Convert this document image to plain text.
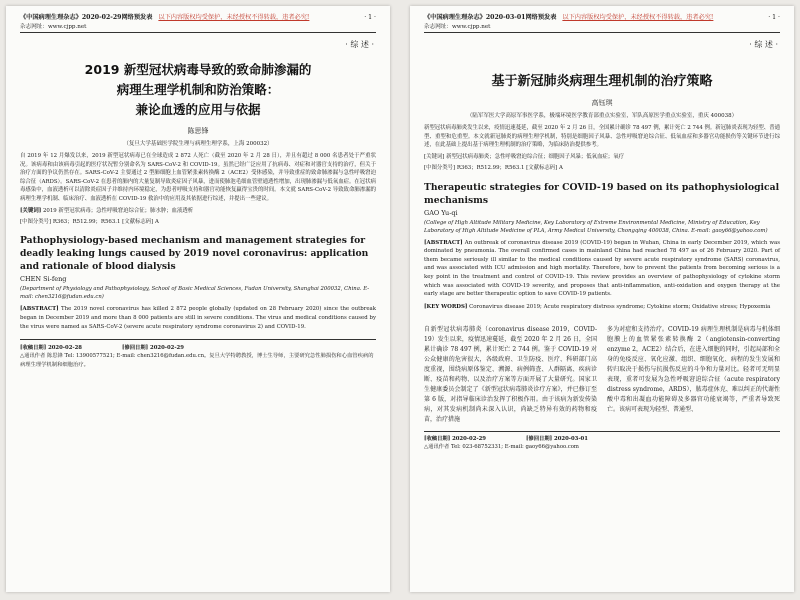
《中国病理生理杂志》2020-02-29网络预发表 以下内容版权均受保护，未经授权不得转载，违者必究!	· 1 ·
杂志网址：www.cjpp.net
· 综 述 ·
2019 新型冠状病毒导致的致命肺渗漏的
病理生理学机制和防治策略：
兼论血透的应用与依据
陈思锋
（复旦大学基础医学院生理与病理生理学系，上海 200032）
自 2019 年 12 月爆发以来，2019 新型冠状病毒已在全球造成 2 872 人死亡（截至 2020 年 2 月 28 日），并且有超过 8 000 名患者处于严重状况。该病毒和由该病毒引起的医疗状况暂分别命名为 SARS-CoV-2 和 COVID-19。虽然已经广泛应用了抗病毒、对症和对器官支持的治疗，但关于治疗方面的争议仍然存在。SARS-CoV-2 主要通过 2 型肺细胞上血管紧张素转换酶 2（ACE2）受体感染，并导致重症的致命肺渗漏与急性呼吸窘迫综合征（ARDS）。SARS-CoV-2 在患者的肺内的大量复制导致炎症因子风暴，进而使肺泡毛细血管壁通透性增加，出现肺渗漏与低氧血症。在冠状病毒感染中，血液透析可以清除炎症因子并维持内环境稳定，为患者呼吸支持和器官功能恢复赢得宝贵的时间。本文就 SARS-CoV-2 导致致命肺渗漏的病理生理学机制、临床治疗、血液透析在 COVID-19 救治中的应用及其依据进行综述，并提出一些建议。
[关键词] 2019 新型冠状病毒；急性呼吸窘迫综合征；肺水肿；血液透析
[中图分类号] R363；R512.99；R563.1 [文献标志码] A
Pathophysiology-based mechanism and management strategies for deadly leaking lungs caused by 2019 novel coronavirus: application and rationale of blood dialysis
CHEN Si-feng
(Department of Physiology and Pathophysiology, School of Basic Medical Sciences, Fudan University, Shanghai 200032, China. E-mail: chen3216@fudan.edu.cn)
[ABSTRACT] The 2019 novel coronavirus has killed 2 872 people globally (updated on 28 February 2020) since the outbreak began in December 2019 and more than 8 000 patients are still in severe conditions. The virus and medical conditions caused by the virus were named as SARS-CoV-2 (severe acute respiratory syndrome coronavirus 2) and COVID-19.
[收稿日期] 2020-02-28	[修回日期] 2020-02-29
△通讯作者 陈思锋 Tel: 13900577521; E-mail: chen3216@fudan.edu.cn。复旦大学特聘教授，博士生导师，主要研究急性肺损伤和心血管疾病的病理生理学机制和细胞治疗。
《中国病理生理杂志》2020-03-01网络预发表 以下内容版权均受保护，未经授权不得转载，违者必究!	· 1 ·
杂志网址：www.cjpp.net
· 综 述 ·
基于新冠肺炎病理生理机制的治疗策略
高钰琪
（陆军军医大学高原军事医学系，极端环境医学教育部重点实验室，军队高原医学重点实验室，重庆 400038）
新型冠状病毒肺炎发生以来，疫情迅速蔓延，截至 2020 年 2 月 26 日，全国累计确诊 78 497 例，累计死亡 2 744 例。新冠肺炎表现为轻型、普通型、重型和危重型。本文就新冠肺炎的病理生理学机制，特别是细胞因子风暴、急性呼吸窘迫综合征、低氧血症和多器官功能损伤等关键环节进行综述，在此基础上提出基于病理生理机制的治疗策略，为临床防治提供参考。
[关键词] 新型冠状病毒肺炎；急性呼吸窘迫综合征；细胞因子风暴；低氧血症；氧疗
[中图分类号] R363；R512.99；R563.1 [文献标志码] A
Therapeutic strategies for COVID-19 based on its pathophysiological mechanisms
GAO Yu-qi
(College of High Altitude Military Medicine, Key Laboratory of Extreme Environmental Medicine, Ministry of Education, Key Laboratory of High Altitude Medicine of PLA, Army Medical University, Chongqing 400038, China. E-mail: gaoy66@yahoo.com)
[ABSTRACT] An outbreak of coronavirus disease 2019 (COVID-19) began in Wuhan, China in early December 2019, which was dominated by pneumonia. The overall confirmed cases in mainland China had reached 78 497 as of 26 February 2020. Part of them became seriously ill similar to the medical conditions caused by severe acute respiratory syndrome (SARS) coronavirus, and was associated with ICU admission and high mortality. Therefore, how to prevent the patients from becoming serious is a key point in the treatment and control of COVID-19. This review provides an overview of pathophysiology of cytokine storm which was associated with COVID-19 severity, and proposes that anti-inflammation, anti-oxidation and oxygen therapy at the early stage are better therapeutic option to save COVID-19 patients.
[KEY WORDS] Coronavirus disease 2019; Acute respiratory distress syndrome; Cytokine storm; Oxidative stress; Hypoxemia
自新型冠状病毒肺炎（coronavirus disease 2019，COVID-19）发生以来，疫情迅速蔓延，截至 2020 年 2 月 26 日，全国累计确诊 78 497 例，累计死亡 2 744 例。鉴于 COVID-19 对公众健康的危害很大，各级政府、卫生防疫、医疗、科研部门高度重视，围绕病原体鉴定、溯源、病例筛查、人群隔离、疾病诊断、疫苗和药物、以及治疗方案等方面开展了大量研究。国家卫生健康委员会制定了《新型冠状病毒肺炎诊疗方案》，并已修订至第 6 版，对指导临床诊治发挥了积极作用。由于该病为新发传染病，对其发病机制尚未深入认识，尚缺乏特异有效的药物和疫苗，治疗措施
多为对症和支持治疗。COVID-19 病理生理机制是病毒与机体细胞膜上的血管紧张素转换酶 2（angiotensin-converting enzyme 2，ACE2）结合后，在进入细胞的同时，引起局部和全身的免疫反应、氧化应激、组织、细胞氧化、病程的发生发展和转归取决于损伤与抗损伤反应的斗争和力量对比。轻者可无明显表现，重者可发展为急性呼吸窘迫综合征（acute respiratory distress syndrome，ARDS），脓毒症休克、难以纠正的代谢性酸中毒和出凝血功能障碍及多器官功能衰竭等，严重者导致死亡。该病可表现为轻型、普通型、
[收稿日期] 2020-02-29	[修回日期] 2020-03-01
△通讯作者 Tel: 023-68752331; E-mail: gaoy66@yahoo.com
